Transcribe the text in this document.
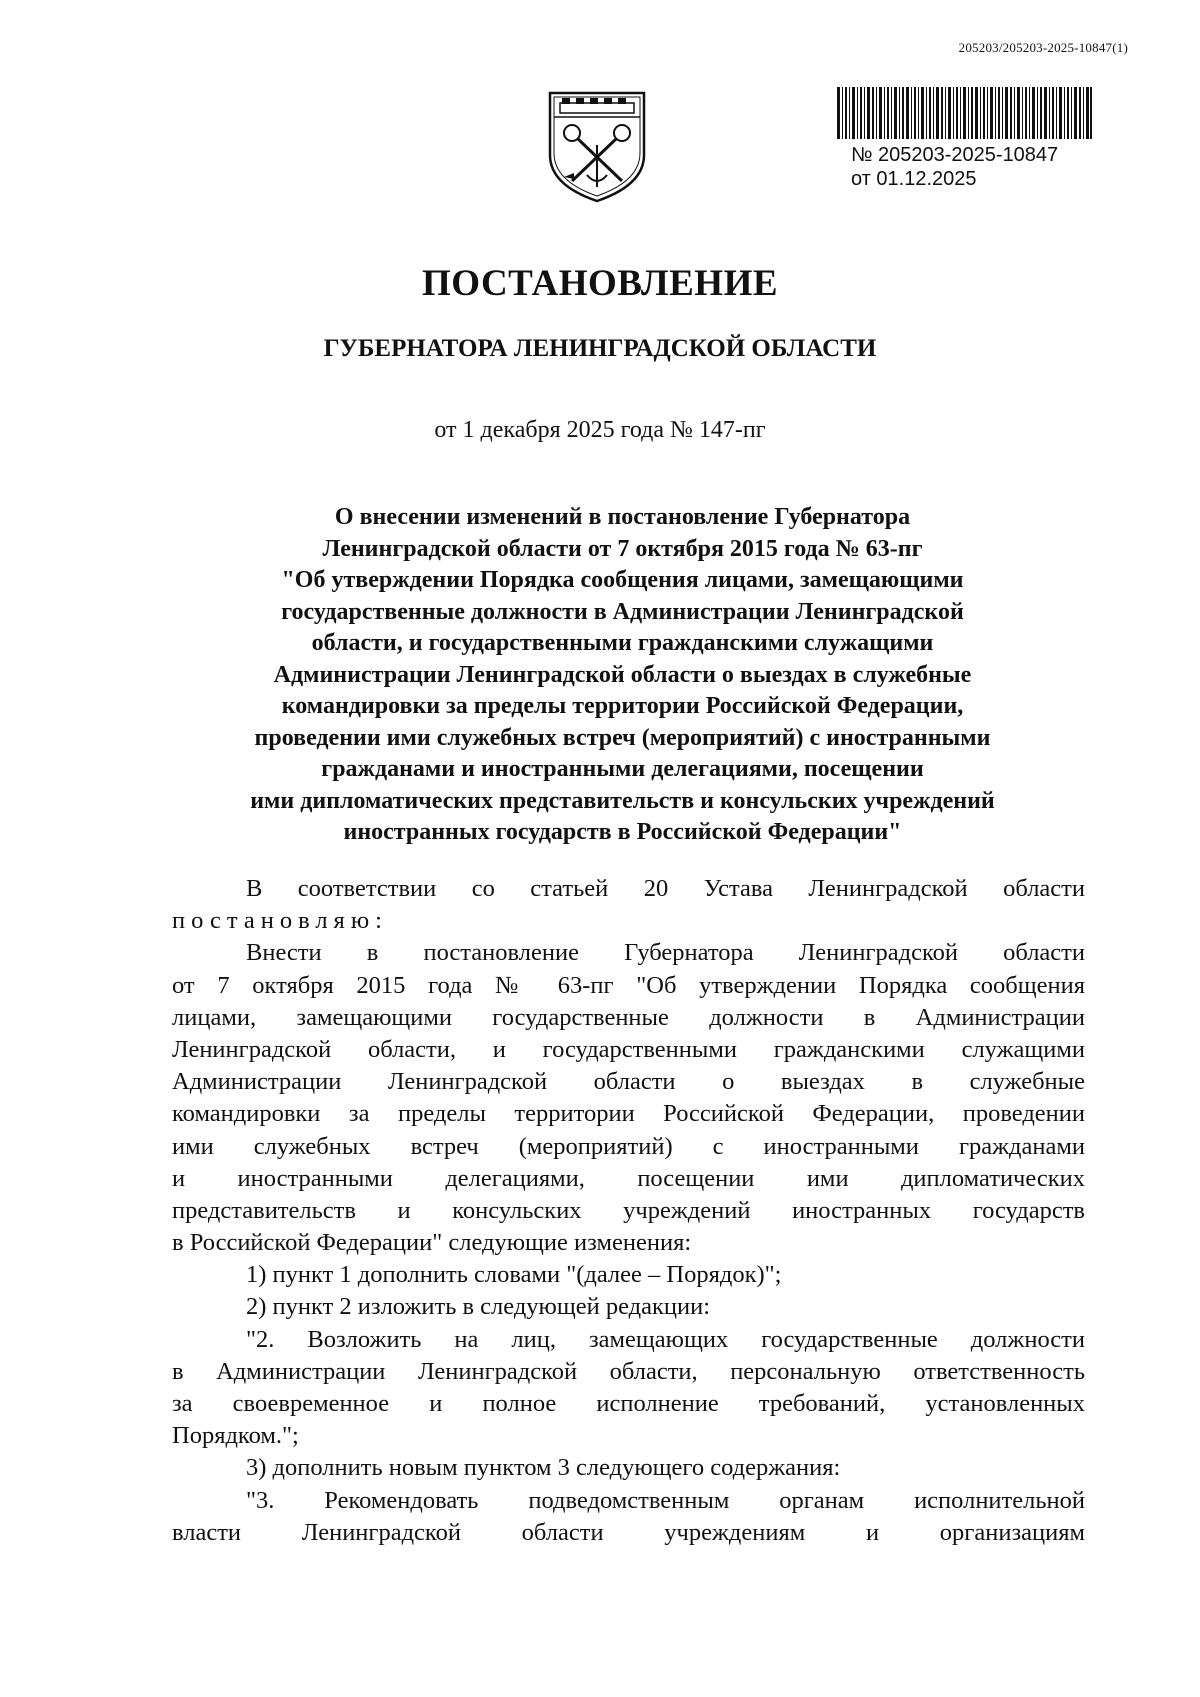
205203/205203-2025-10847(1)
№ 205203-2025-10847
от 01.12.2025
ПОСТАНОВЛЕНИЕ
ГУБЕРНАТОРА ЛЕНИНГРАДСКОЙ ОБЛАСТИ
от 1 декабря 2025 года № 147-пг
О внесении изменений в постановление Губернатора
Ленинградской области от 7 октября 2015 года № 63-пг
"Об утверждении Порядка сообщения лицами, замещающими
государственные должности в Администрации Ленинградской
области, и государственными гражданскими служащими
Администрации Ленинградской области о выездах в служебные
командировки за пределы территории Российской Федерации,
проведении ими служебных встреч (мероприятий) с иностранными
гражданами и иностранными делегациями, посещении
ими дипломатических представительств и консульских учреждений
иностранных государств в Российской Федерации"
В соответствии со статьей 20 Устава Ленинградской области
постановляю:
Внести в постановление Губернатора Ленинградской области
от 7 октября 2015 года № 63-пг "Об утверждении Порядка сообщения
лицами, замещающими государственные должности в Администрации
Ленинградской области, и государственными гражданскими служащими
Администрации Ленинградской области о выездах в служебные
командировки за пределы территории Российской Федерации, проведении
ими служебных встреч (мероприятий) с иностранными гражданами
и иностранными делегациями, посещении ими дипломатических
представительств и консульских учреждений иностранных государств
в Российской Федерации" следующие изменения:
1) пункт 1 дополнить словами "(далее – Порядок)";
2) пункт 2 изложить в следующей редакции:
"2. Возложить на лиц, замещающих государственные должности
в Администрации Ленинградской области, персональную ответственность
за своевременное и полное исполнение требований, установленных
Порядком.";
3) дополнить новым пунктом 3 следующего содержания:
"3. Рекомендовать подведомственным органам исполнительной
власти Ленинградской области учреждениям и организациям
